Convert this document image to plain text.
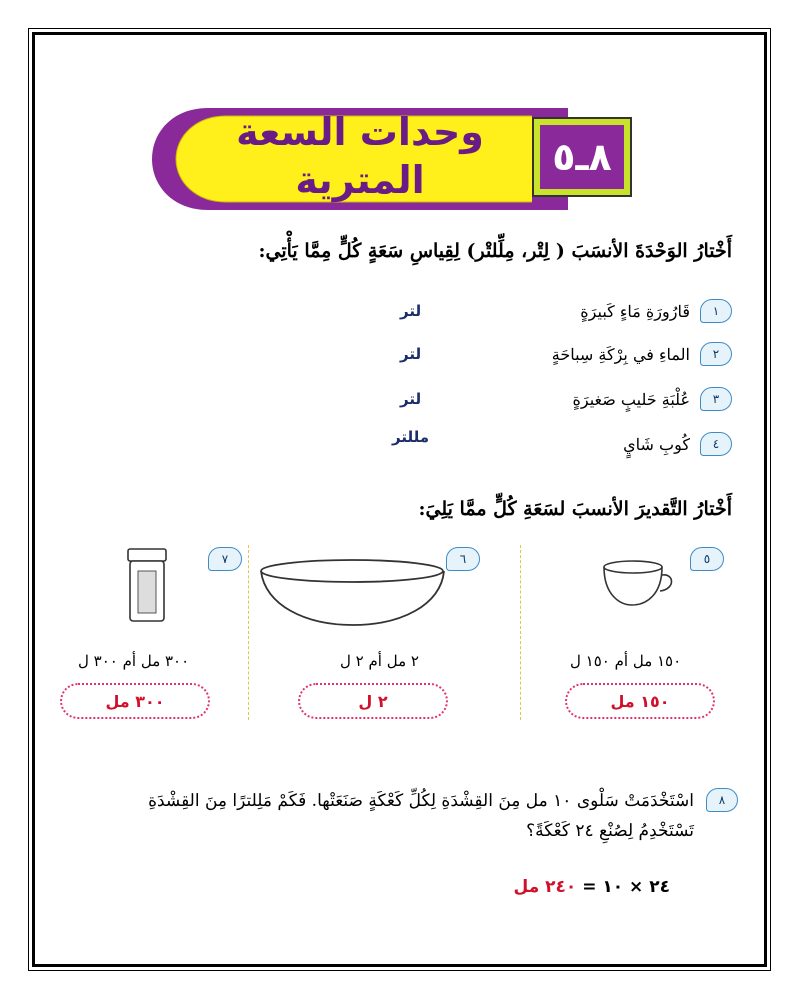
وحدات السعة
المترية
٨ـ٥
أَخْتارُ الوَحْدَةَ الأنسَبَ ( لِتْر، مِلِّلتْر) لِقِياسِ سَعَةٍ كُلٍّ مِمَّا يَأْتِي:
١
قَارُورَةِ مَاءٍ كَبيرَةٍ
لتر
٢
الماءِ في بِرْكَةِ سِباحَةٍ
لتر
٣
عُلْبَةِ حَليبٍ صَغيرَةٍ
لتر
٤
كُوبِ شَايٍ
مللتر
أَخْتارُ التَّقديرَ الأنسبَ لسَعَةِ كُلٍّ ممَّا يَلِيَ:
٥
١٥٠ مل أم ١٥٠ ل
١٥٠ مل
٦
٢ مل أم ٢ ل
٢ ل
٧
٣٠٠ مل أم ٣٠٠ ل
٣٠٠ مل
٨
اسْتَخْدَمَتْ سَلْوى ١٠ مل مِنَ القِشْدَةِ لِكُلِّ كَعْكَةٍ صَنَعَتْها. فَكَمْ مَلِلترًا مِنَ القِشْدَةِ تَسْتَخْدِمُ لِصُنْعِ ٢٤ كَعْكَةً؟
٢٤ × ١٠ = ٢٤٠ مل
